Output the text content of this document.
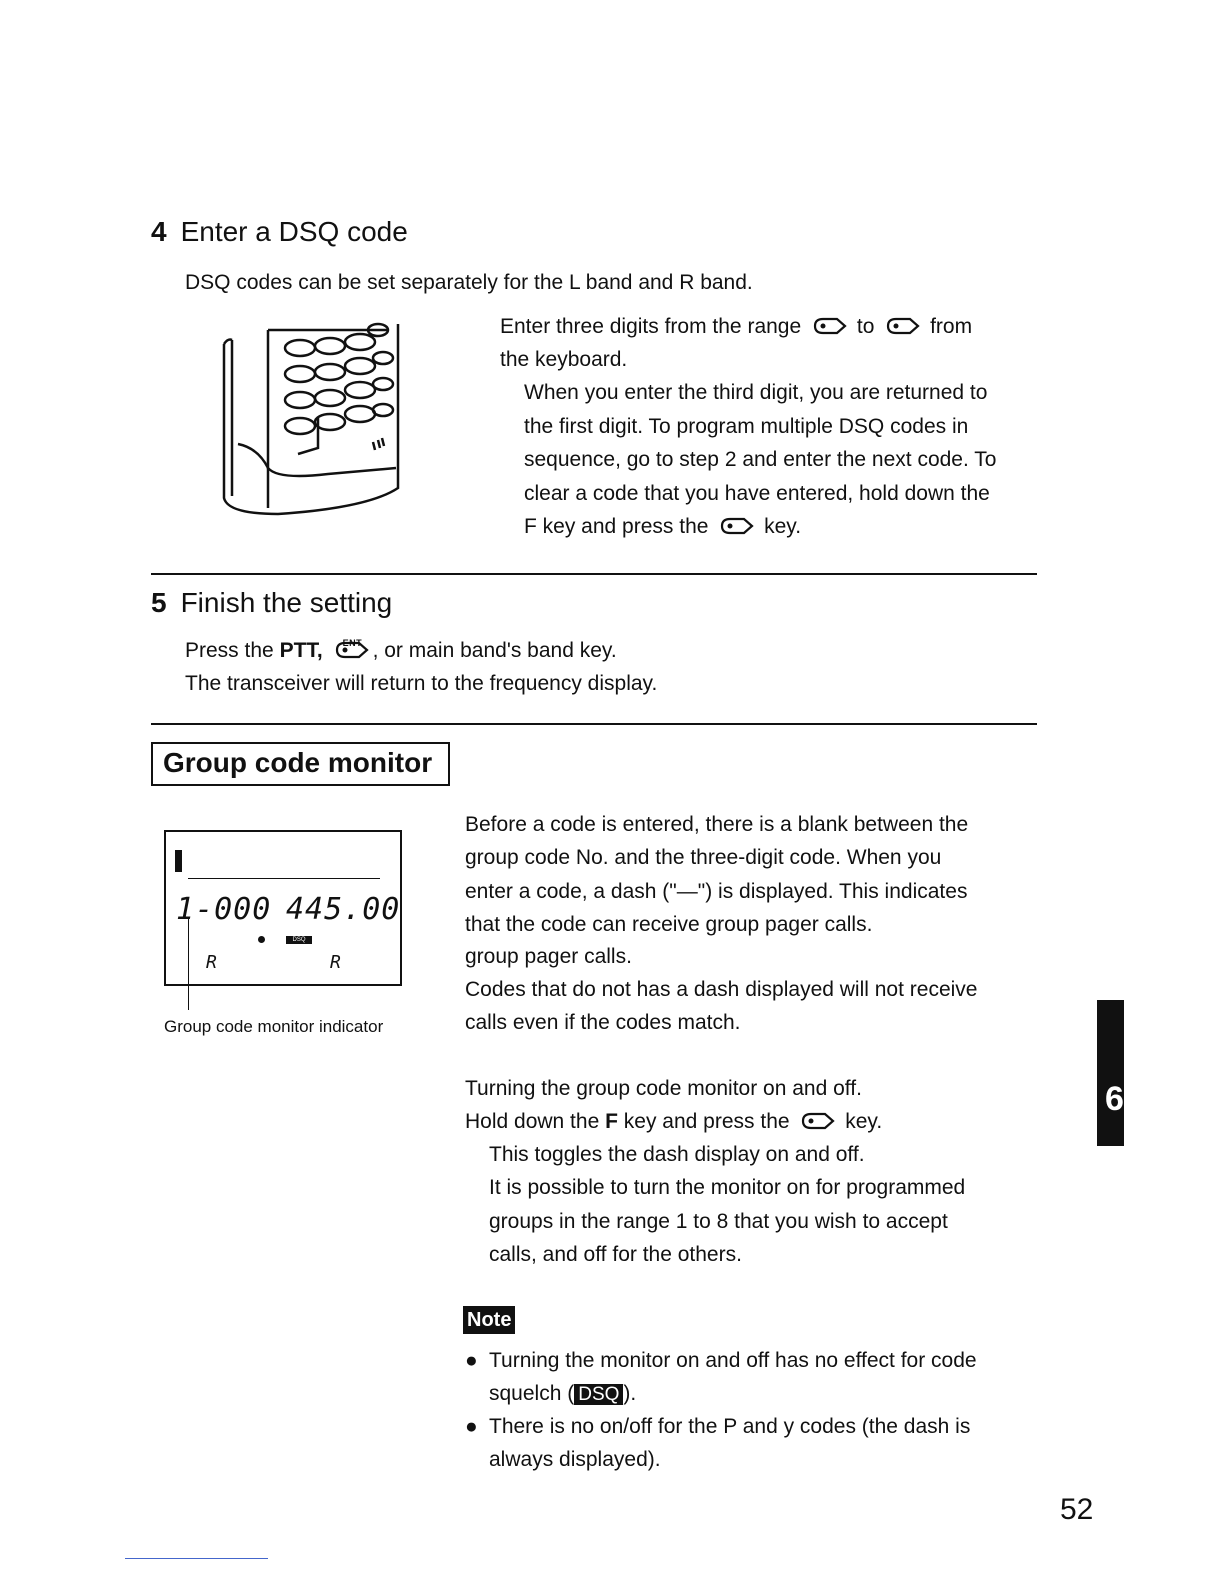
4 Enter a DSQ code
DSQ codes can be set separately for the L band and R band.
Enter three digits from the range	to	from
the keyboard.
When you enter the third digit, you are returned to
the first digit. To program multiple DSQ codes in
sequence, go to step 2 and enter the next code. To
clear a code that you have entered, hold down the
F key and press the	key.
5 Finish the setting
Press the PTT, ENT , or main band's band key.
The transceiver will return to the frequency display.
Group code monitor
1-000 445.00
DSQ
R	R
Group code monitor indicator
Before a code is entered, there is a blank between the
group code No. and the three-digit code. When you
enter a code, a dash ("—") is displayed. This indicates
that the code can receive group pager calls.
group pager calls.
Codes that do not has a dash displayed will not receive
calls even if the codes match.
Turning the group code monitor on and off.
Hold down the F key and press the	key.
This toggles the dash display on and off.
It is possible to turn the monitor on for programmed
groups in the range 1 to 8 that you wish to accept
calls, and off for the others.
Note
● Turning the monitor on and off has no effect for code
squelch ( DSQ ).
● There is no on/off for the P and y codes (the dash is
always displayed).
52
6
